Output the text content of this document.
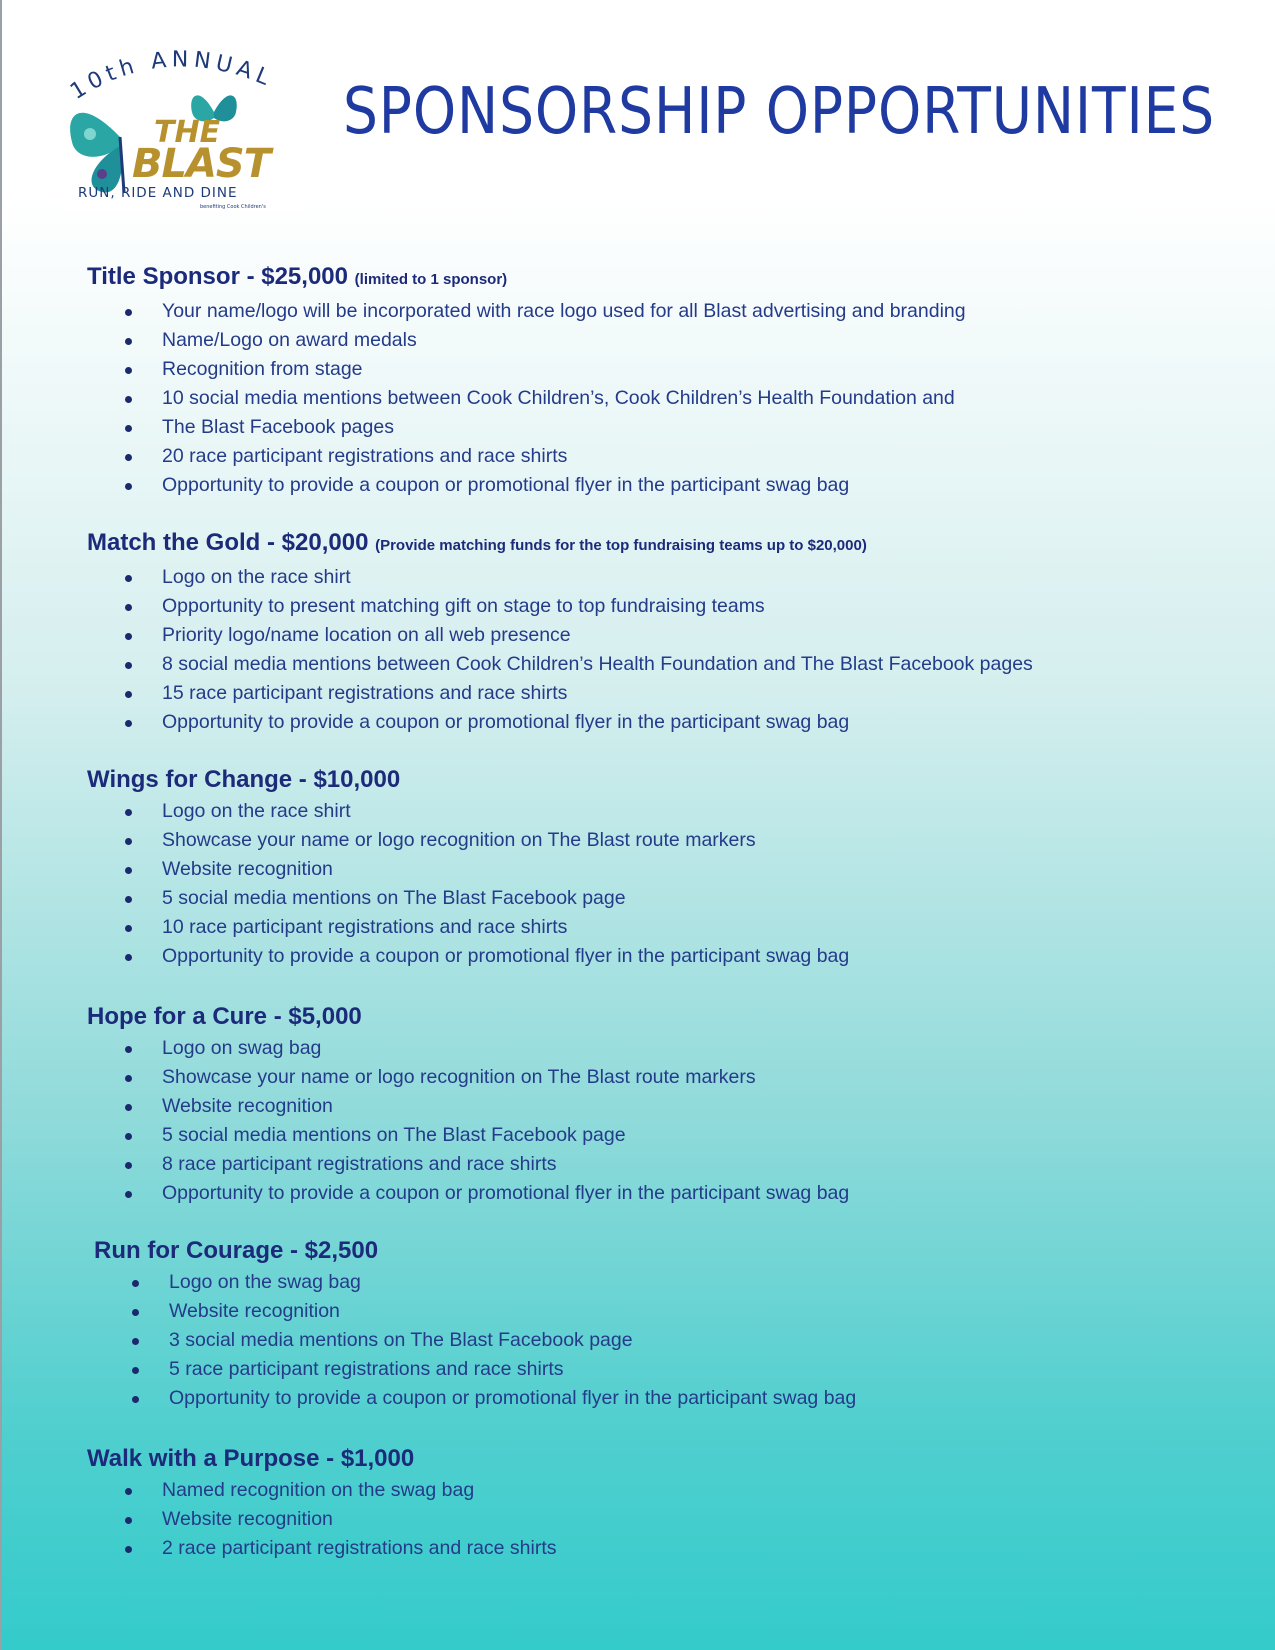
10th ANNUAL
THE
BLAST
RUN, RIDE AND DINE
benefiting Cook Children's
SPONSORSHIP OPPORTUNITIES
Title Sponsor - $25,000 (limited to 1 sponsor)
Your name/logo will be incorporated with race logo used for all Blast advertising and branding
Name/Logo on award medals
Recognition from stage
10 social media mentions between Cook Children’s, Cook Children’s Health Foundation and
The Blast Facebook pages
20 race participant registrations and race shirts
Opportunity to provide a coupon or promotional flyer in the participant swag bag
Match the Gold - $20,000 (Provide matching funds for the top fundraising teams up to $20,000)
Logo on the race shirt
Opportunity to present matching gift on stage to top fundraising teams
Priority logo/name location on all web presence
8 social media mentions between Cook Children’s Health Foundation and The Blast Facebook pages
15 race participant registrations and race shirts
Opportunity to provide a coupon or promotional flyer in the participant swag bag
Wings for Change - $10,000
Logo on the race shirt
Showcase your name or logo recognition on The Blast route markers
Website recognition
5 social media mentions on The Blast Facebook page
10 race participant registrations and race shirts
Opportunity to provide a coupon or promotional flyer in the participant swag bag
Hope for a Cure - $5,000
Logo on swag bag
Showcase your name or logo recognition on The Blast route markers
Website recognition
5 social media mentions on The Blast Facebook page
8 race participant registrations and race shirts
Opportunity to provide a coupon or promotional flyer in the participant swag bag
Run for Courage - $2,500
Logo on the swag bag
Website recognition
3 social media mentions on The Blast Facebook page
5 race participant registrations and race shirts
Opportunity to provide a coupon or promotional flyer in the participant swag bag
Walk with a Purpose - $1,000
Named recognition on the swag bag
Website recognition
2 race participant registrations and race shirts
